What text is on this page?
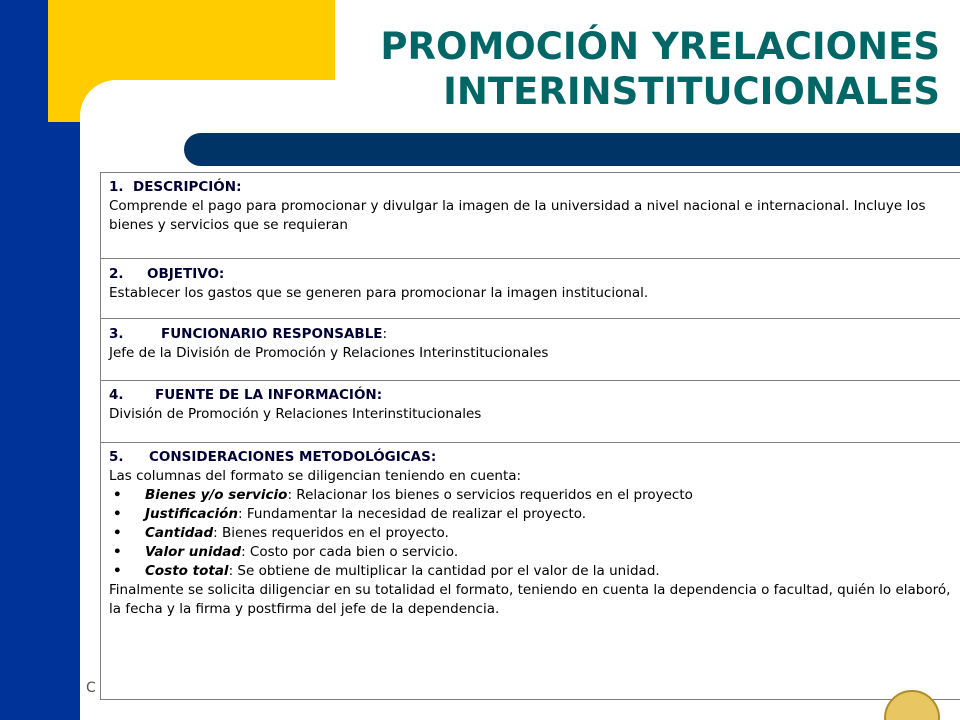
PROMOCIÓN YRELACIONES
INTERINSTITUCIONALES
1. DESCRIPCIÓN:
Comprende el pago para promocionar y divulgar la imagen de la universidad a nivel nacional e internacional. Incluye los bienes y servicios que se requieran
2. OBJETIVO:
Establecer los gastos que se generen para promocionar la imagen institucional.
3.	FUNCIONARIO RESPONSABLE:
Jefe de la División de Promoción y Relaciones Interinstitucionales
4. FUENTE DE LA INFORMACIÓN:
División de Promoción y Relaciones Interinstitucionales
5. CONSIDERACIONES METODOLÓGICAS:
Las columnas del formato se diligencian teniendo en cuenta:
• Bienes y/o servicio: Relacionar los bienes o servicios requeridos en el proyecto
• Justificación: Fundamentar la necesidad de realizar el proyecto.
• Cantidad: Bienes requeridos en el proyecto.
• Valor unidad: Costo por cada bien o servicio.
• Costo total: Se obtiene de multiplicar la cantidad por el valor de la unidad.
Finalmente se solicita diligenciar en su totalidad el formato, teniendo en cuenta la dependencia o facultad, quién lo elaboró, la fecha y la firma y postfirma del jefe de la dependencia.
C
